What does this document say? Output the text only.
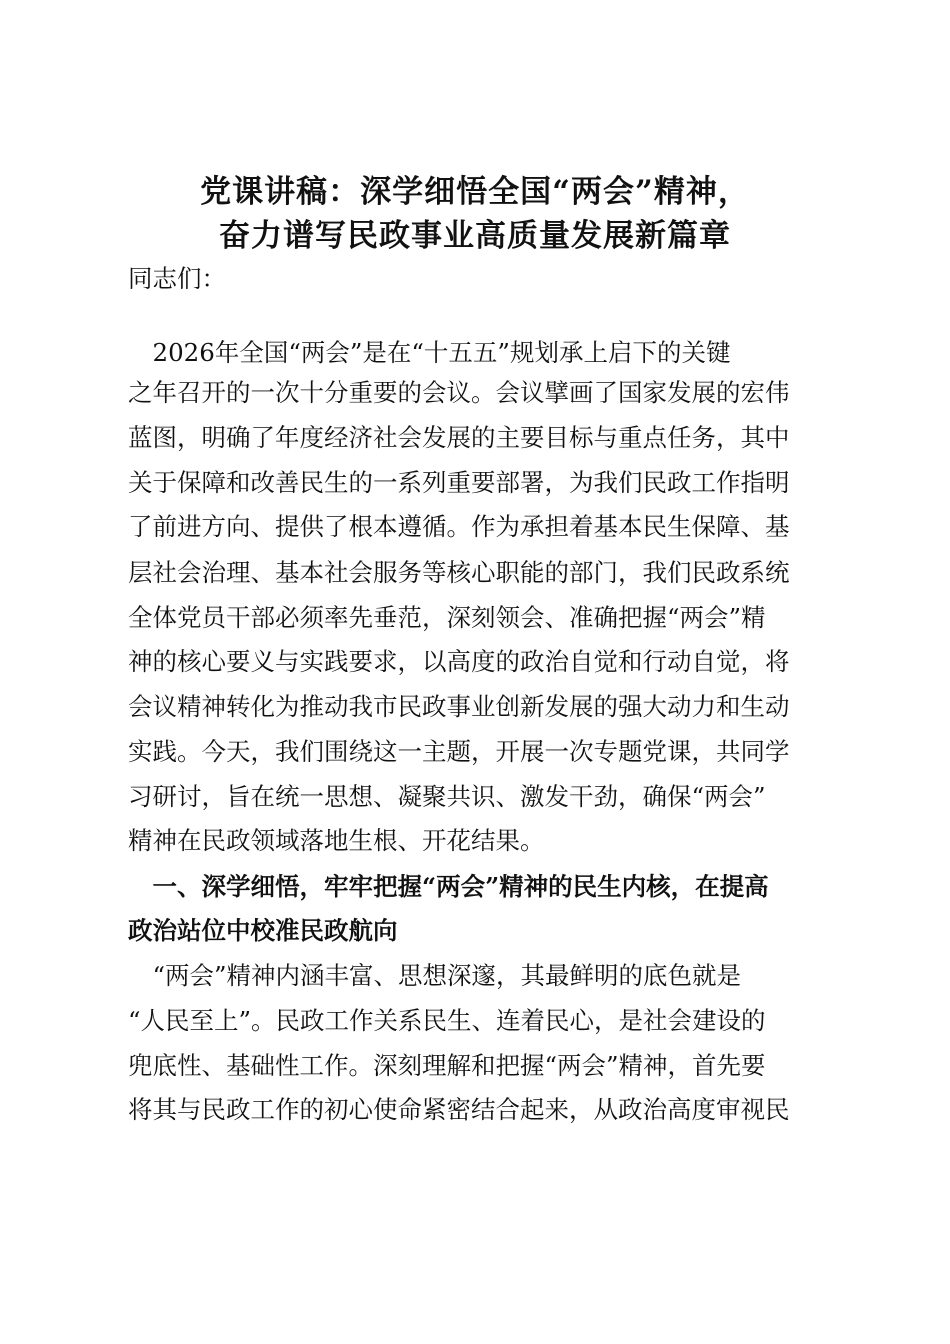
党课讲稿：深学细悟全国“两会”精神，
奋力谱写民政事业高质量发展新篇章
同志们：
　2026年全国“两会”是在“十五五”规划承上启下的关键
之年召开的一次十分重要的会议。会议擘画了国家发展的宏伟
蓝图，明确了年度经济社会发展的主要目标与重点任务，其中
关于保障和改善民生的一系列重要部署，为我们民政工作指明
了前进方向、提供了根本遵循。作为承担着基本民生保障、基
层社会治理、基本社会服务等核心职能的部门，我们民政系统
全体党员干部必须率先垂范，深刻领会、准确把握“两会”精
神的核心要义与实践要求，以高度的政治自觉和行动自觉，将
会议精神转化为推动我市民政事业创新发展的强大动力和生动
实践。今天，我们围绕这一主题，开展一次专题党课，共同学
习研讨，旨在统一思想、凝聚共识、激发干劲，确保“两会”
精神在民政领域落地生根、开花结果。
　一、深学细悟，牢牢把握“两会”精神的民生内核，在提高
政治站位中校准民政航向
　“两会”精神内涵丰富、思想深邃，其最鲜明的底色就是
“人民至上”。民政工作关系民生、连着民心，是社会建设的
兜底性、基础性工作。深刻理解和把握“两会”精神，首先要
将其与民政工作的初心使命紧密结合起来，从政治高度审视民
